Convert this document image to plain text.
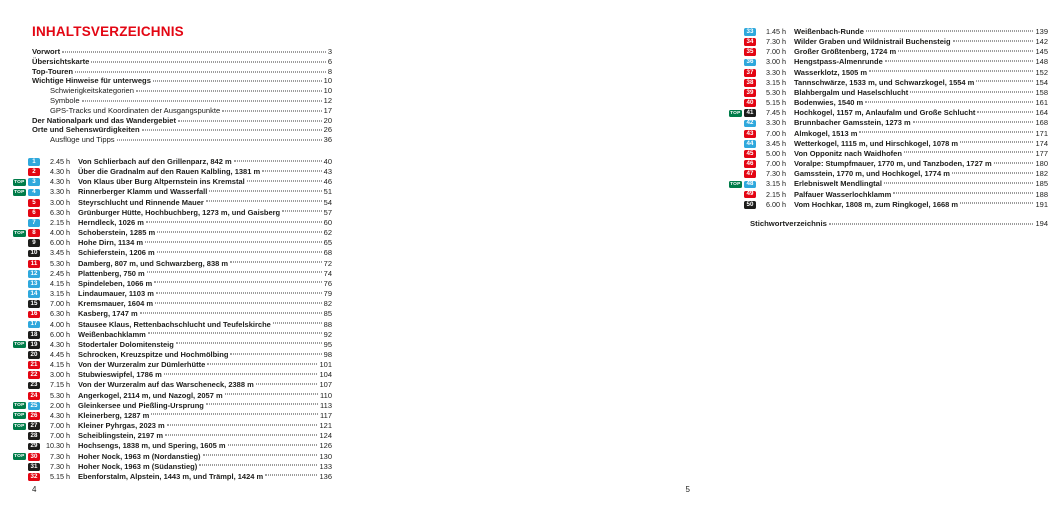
INHALTSVERZEICHNIS
Vorwort	3
Übersichtskarte	6
Top-Touren	8
Wichtige Hinweise für unterwegs	10
Schwierigkeitskategorien	10
Symbole	12
GPS-Tracks und Koordinaten der Ausgangspunkte	17
Der Nationalpark und das Wandergebiet	20
Orte und Sehenswürdigkeiten	26
Ausflüge und Tipps	36
1	2.45 h Von Schlierbach auf den Grillenparz, 842 m	40
2	4.30 h Über die Gradnalm auf den Rauen Kalbling, 1381 m	43
TOP	3	4.30 h Von Klaus über Burg Altpernstein ins Kremstal	46
TOP	4	3.30 h Rinnerberger Klamm und Wasserfall	51
5	3.00 h Steyrschlucht und Rinnende Mauer	54
6	6.30 h Grünburger Hütte, Hochbuchberg, 1273 m, und Gaisberg	57
7	2.15 h Herndleck, 1026 m	60
TOP	8	4.00 h Schoberstein, 1285 m	62
9	6.00 h Hohe Dirn, 1134 m	65
10	3.45 h Schieferstein, 1206 m	68
11	5.30 h Damberg, 807 m, und Schwarzberg, 838 m	72
12	2.45 h Plattenberg, 750 m	74
13	4.15 h Spindeleben, 1066 m	76
14	3.15 h Lindaumauer, 1103 m	79
15	7.00 h Kremsmauer, 1604 m	82
16	6.30 h Kasberg, 1747 m	85
17	4.00 h Stausee Klaus, Rettenbachschlucht und Teufelskirche	88
18	6.00 h Weißenbachklamm	92
TOP 19	4.30 h Stodertaler Dolomitensteig	95
20	4.45 h Schrocken, Kreuzspitze und Hochmölbing	98
21	4.15 h Von der Wurzeralm zur Dümlerhütte	101
22	3.00 h Stubwieswipfel, 1786 m	104
23	7.15 h Von der Wurzeralm auf das Warscheneck, 2388 m	107
24	5.30 h Angerkogel, 2114 m, und Nazogl, 2057 m	110
TOP 25	2.00 h Gleinkersee und Pießling-Ursprung	113
TOP 26	4.30 h Kleinerberg, 1287 m	117
TOP 27	7.00 h Kleiner Pyhrgas, 2023 m	121
28	7.00 h Scheiblingstein, 2197 m	124
29	10.30 h Hochsengs, 1838 m, und Spering, 1605 m	126
TOP 30	7.30 h Hoher Nock, 1963 m (Nordanstieg)	130
31	7.30 h Hoher Nock, 1963 m (Südanstieg)	133
32	5.15 h Ebenforstalm, Alpstein, 1443 m, und Trämpl, 1424 m	136
4
33	1.45 h Weißenbach-Runde	139
34	7.30 h Wilder Graben und Wildnistrail Buchensteig	142
35	7.00 h Großer Größtenberg, 1724 m	145
36	3.00 h Hengstpass-Almenrunde	148
37	3.30 h Wasserklotz, 1505 m	152
38	3.15 h Tannschwärze, 1533 m, und Schwarzkogel, 1554 m	154
39	5.30 h Blahbergalm und Haselschlucht	158
40	5.15 h Bodenwies, 1540 m	161
TOP 41	7.45 h Hochkogel, 1157 m, Anlaufalm und Große Schlucht	164
42	3.30 h Brunnbacher Gamsstein, 1273 m	168
43	7.00 h Almkogel, 1513 m	171
44	3.45 h Wetterkogel, 1115 m, und Hirschkogel, 1078 m	174
45	5.00 h Von Opponitz nach Waidhofen	177
46	7.00 h Voralpe: Stumpfmauer, 1770 m, und Tanzboden, 1727 m	180
47	7.30 h Gamsstein, 1770 m, und Hochkogel, 1774 m	182
TOP 48	3.15 h Erlebniswelt Mendlingtal	185
49	2.15 h Palfauer Wasserlochklamm	188
50	6.00 h Vom Hochkar, 1808 m, zum Ringkogel, 1668 m	191
Stichwortverzeichnis	194
5
